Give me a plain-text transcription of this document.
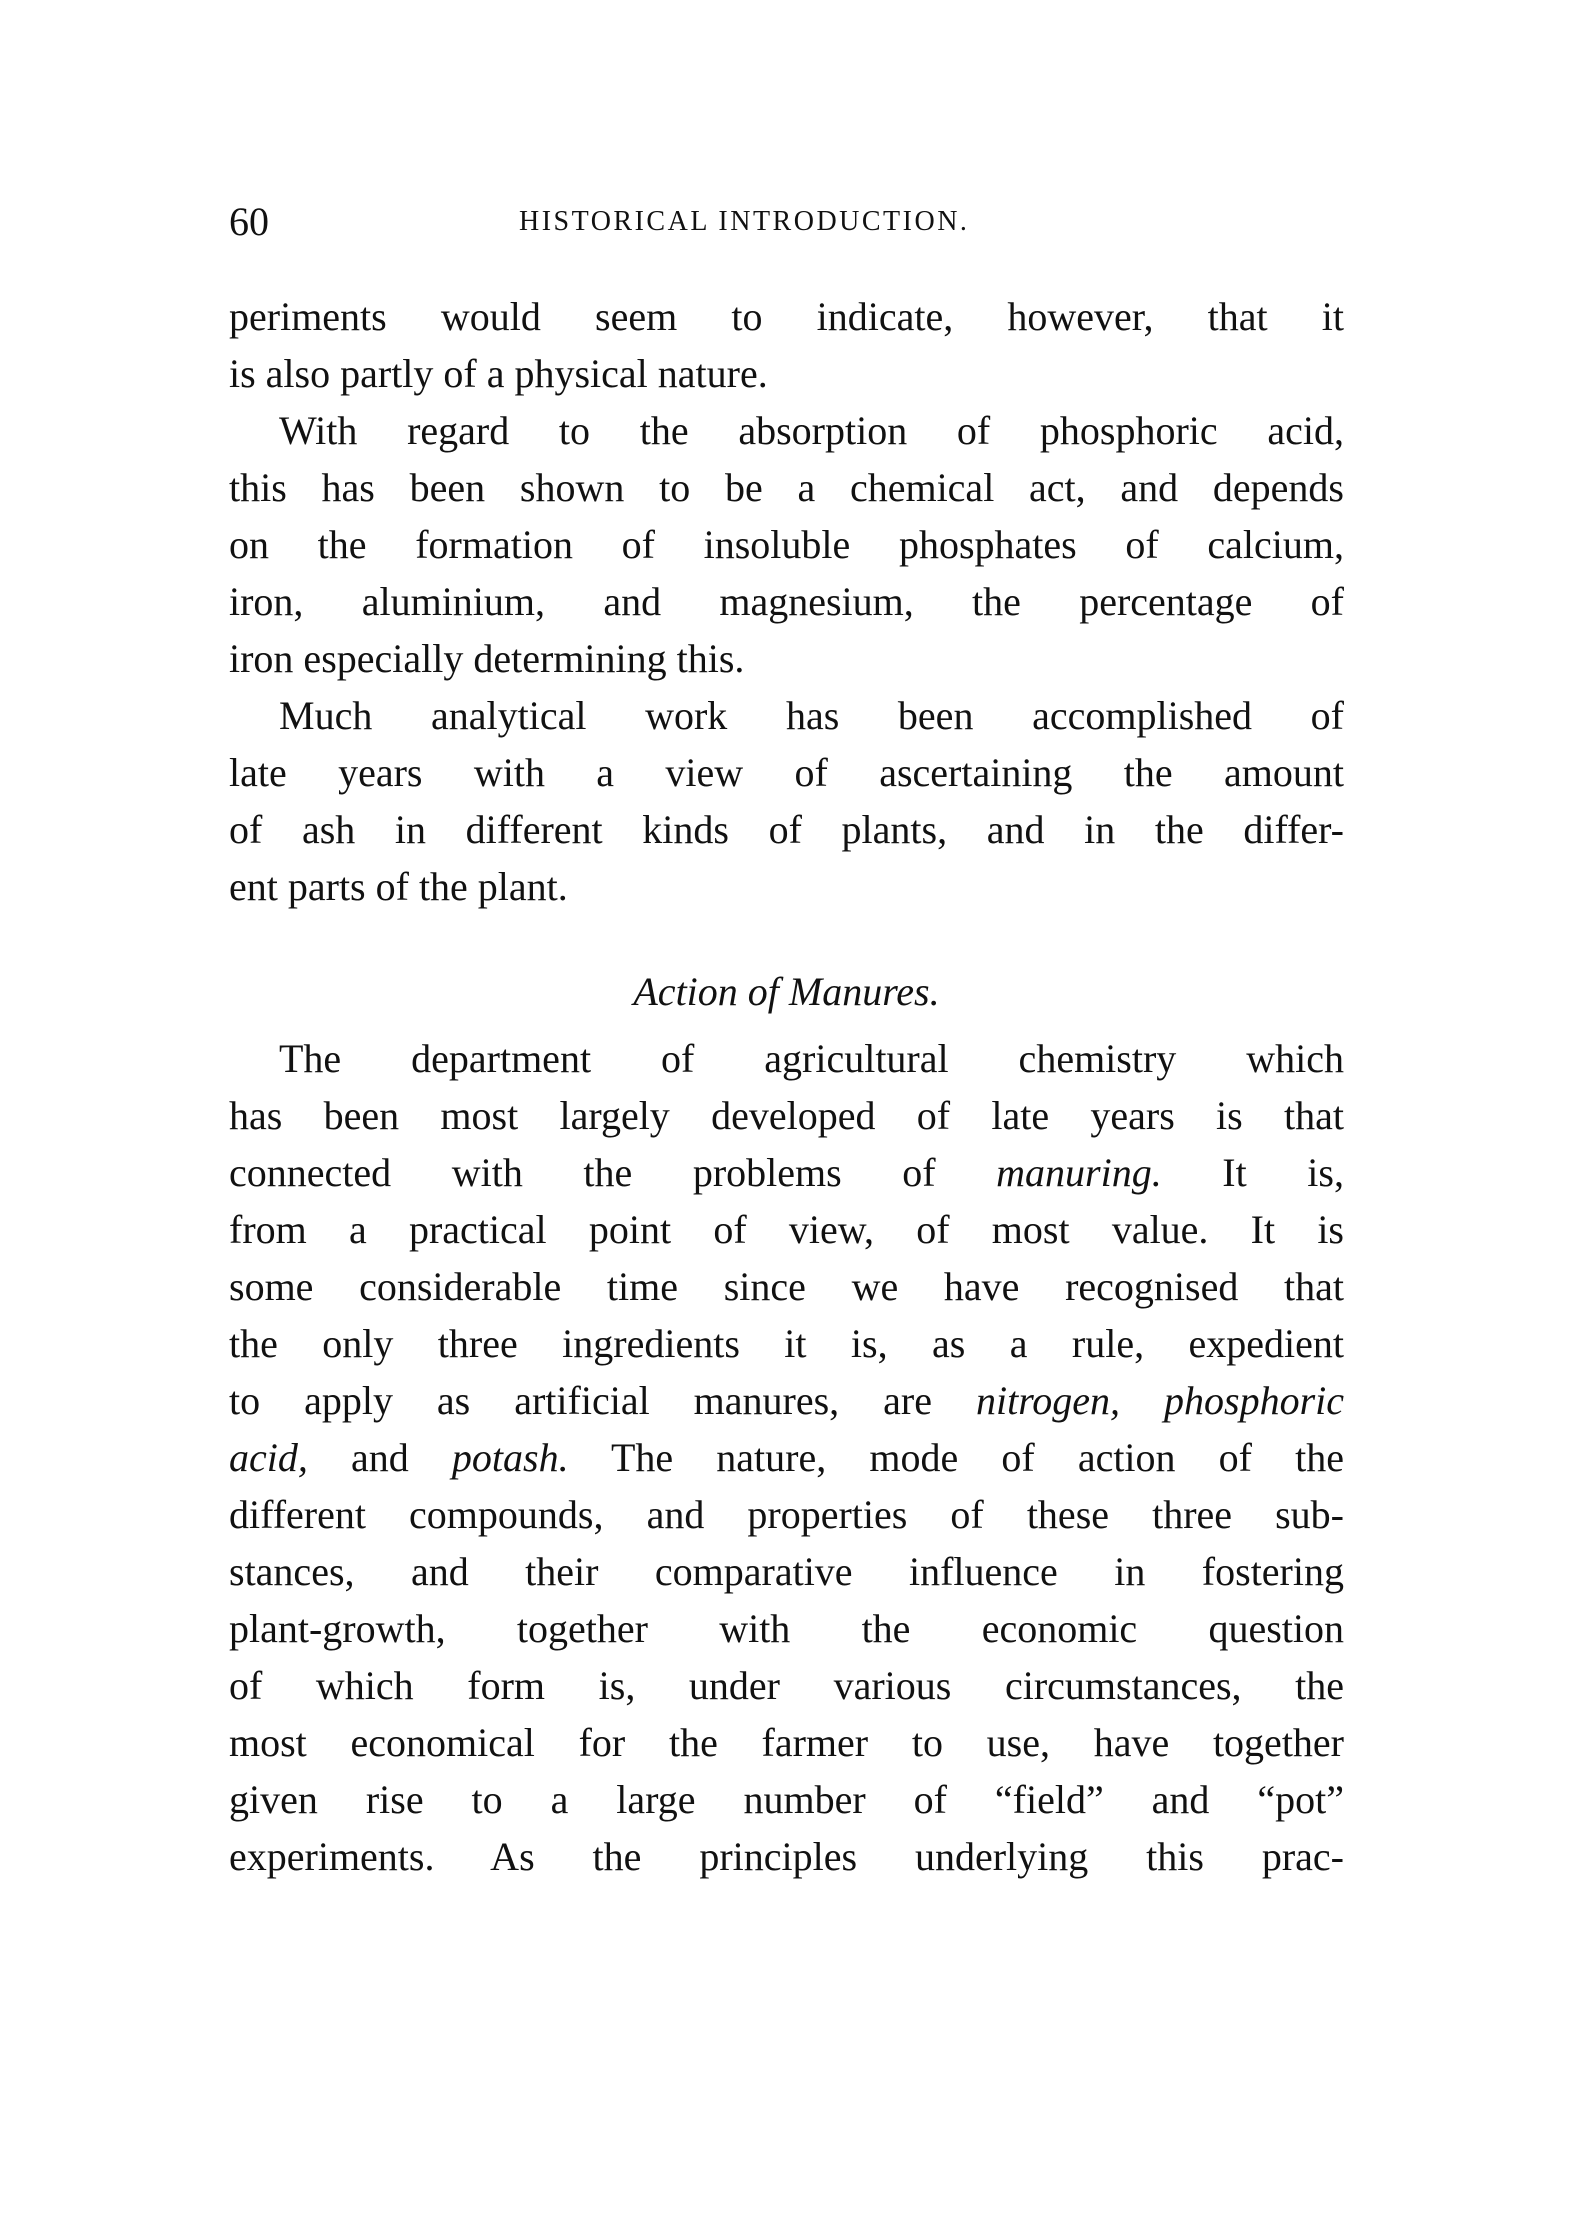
60	HISTORICAL INTRODUCTION.
periments would seem to indicate, however, that it
is also partly of a physical nature.
With regard to the absorption of phosphoric acid,
this has been shown to be a chemical act, and depends
on the formation of insoluble phosphates of calcium,
iron, aluminium, and magnesium, the percentage of
iron especially determining this.
Much analytical work has been accomplished of
late years with a view of ascertaining the amount
of ash in different kinds of plants, and in the differ-
ent parts of the plant.
Action of Manures.
The department of agricultural chemistry which
has been most largely developed of late years is that
connected with the problems of manuring. It is,
from a practical point of view, of most value. It is
some considerable time since we have recognised that
the only three ingredients it is, as a rule, expedient
to apply as artificial manures, are nitrogen, phosphoric
acid, and potash. The nature, mode of action of the
different compounds, and properties of these three sub-
stances, and their comparative influence in fostering
plant-growth, together with the economic question
of which form is, under various circumstances, the
most economical for the farmer to use, have together
given rise to a large number of “field” and “pot”
experiments. As the principles underlying this prac-
